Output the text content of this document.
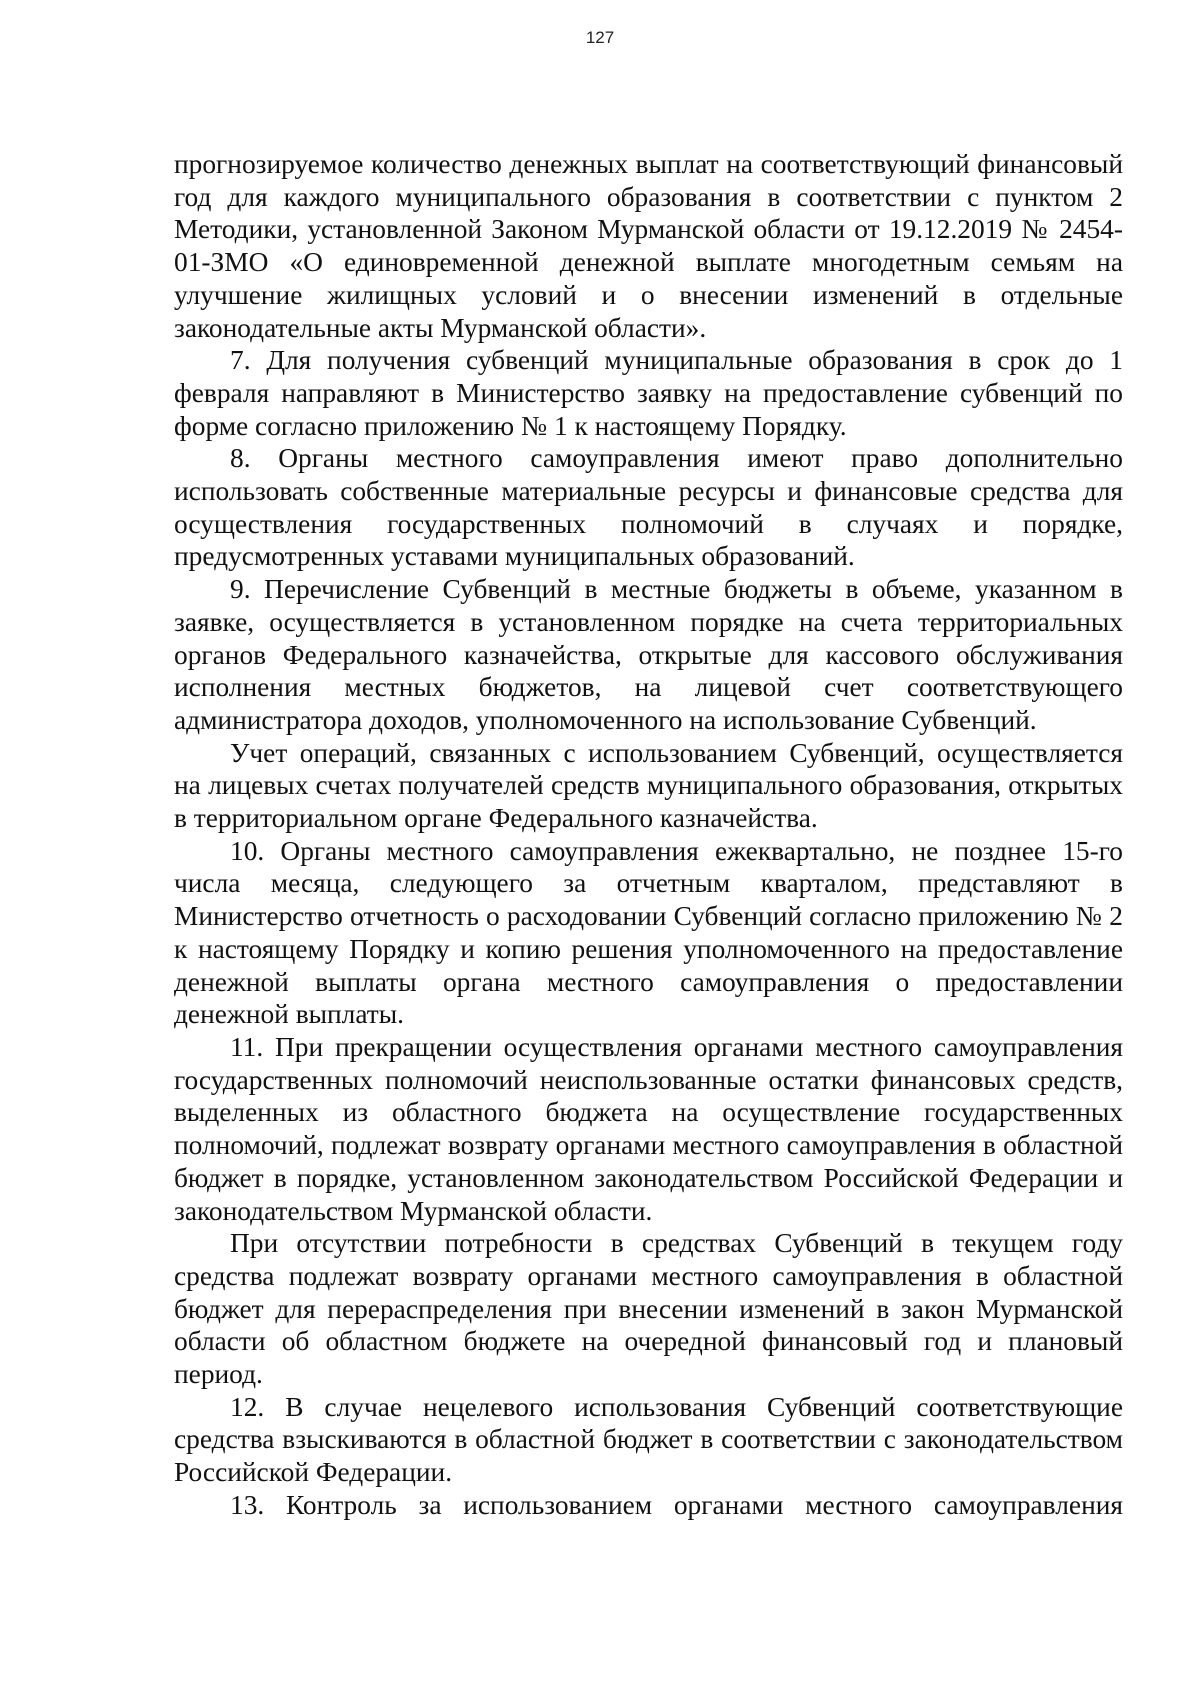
127

прогнозируемое количество денежных выплат на соответствующий финансовый год для каждого муниципального образования в соответствии с пунктом 2 Методики, установленной Законом Мурманской области от 19.12.2019 № 2454-01-ЗМО «О единовременной денежной выплате многодетным семьям на улучшение жилищных условий и о внесении изменений в отдельные законодательные акты Мурманской области».

7. Для получения субвенций муниципальные образования в срок до 1 февраля направляют в Министерство заявку на предоставление субвенций по форме согласно приложению № 1 к настоящему Порядку.

8. Органы местного самоуправления имеют право дополнительно использовать собственные материальные ресурсы и финансовые средства для осуществления государственных полномочий в случаях и порядке, предусмотренных уставами муниципальных образований.

9. Перечисление Субвенций в местные бюджеты в объеме, указанном в заявке, осуществляется в установленном порядке на счета территориальных органов Федерального казначейства, открытые для кассового обслуживания исполнения местных бюджетов, на лицевой счет соответствующего администратора доходов, уполномоченного на использование Субвенций.

Учет операций, связанных с использованием Субвенций, осуществляется на лицевых счетах получателей средств муниципального образования, открытых в территориальном органе Федерального казначейства.

10. Органы местного самоуправления ежеквартально, не позднее 15-го числа месяца, следующего за отчетным кварталом, представляют в Министерство отчетность о расходовании Субвенций согласно приложению № 2 к настоящему Порядку и копию решения уполномоченного на предоставление денежной выплаты органа местного самоуправления о предоставлении денежной выплаты.

11. При прекращении осуществления органами местного самоуправления государственных полномочий неиспользованные остатки финансовых средств, выделенных из областного бюджета на осуществление государственных полномочий, подлежат возврату органами местного самоуправления в областной бюджет в порядке, установленном законодательством Российской Федерации и законодательством Мурманской области.

При отсутствии потребности в средствах Субвенций в текущем году средства подлежат возврату органами местного самоуправления в областной бюджет для перераспределения при внесении изменений в закон Мурманской области об областном бюджете на очередной финансовый год и плановый период.

12. В случае нецелевого использования Субвенций соответствующие средства взыскиваются в областной бюджет в соответствии с законодательством Российской Федерации.

13. Контроль за использованием органами местного самоуправления
